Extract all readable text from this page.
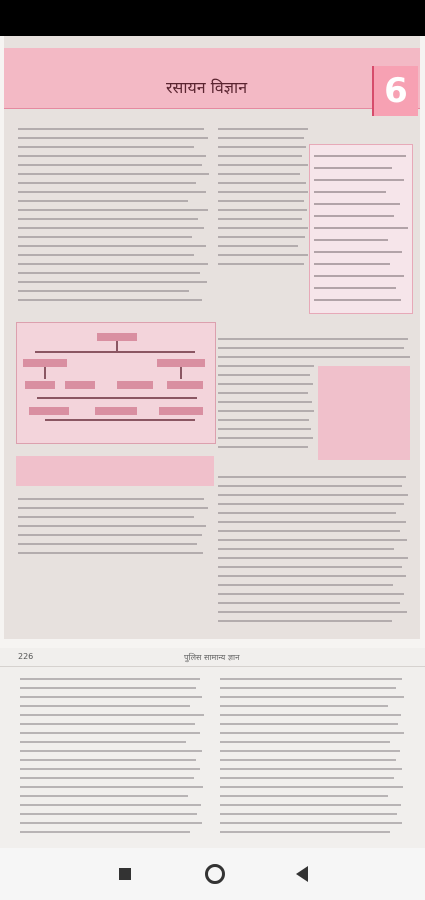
रसायन विज्ञान	6
226	पुलिस सामान्य ज्ञान
